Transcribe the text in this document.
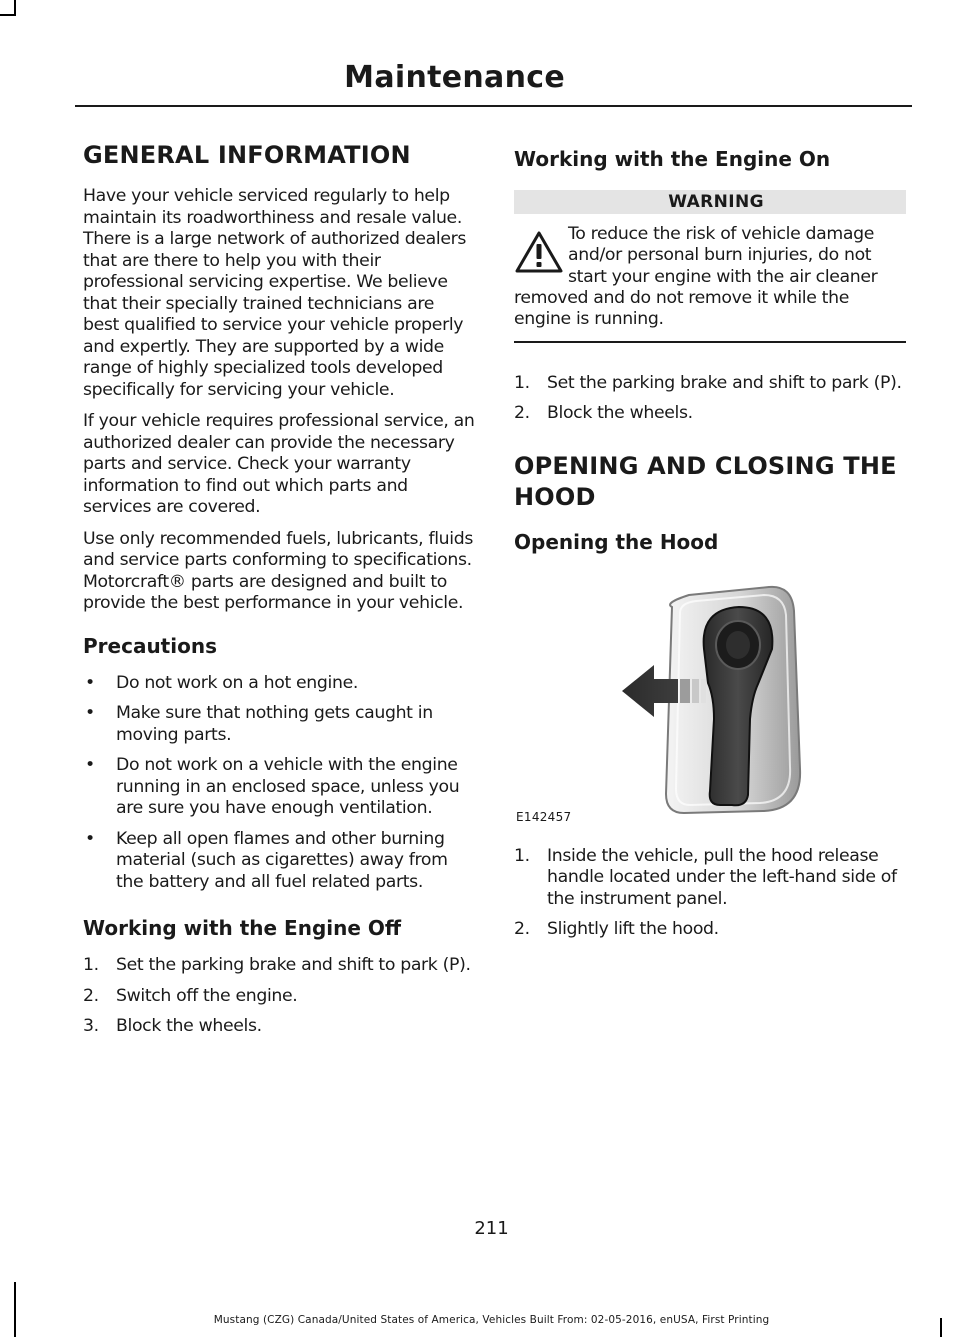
Maintenance
GENERAL INFORMATION

Have your vehicle serviced regularly to help maintain its roadworthiness and resale value. There is a large network of authorized dealers that are there to help you with their professional servicing expertise. We believe that their specially trained technicians are best qualified to service your vehicle properly and expertly. They are supported by a wide range of highly specialized tools developed specifically for servicing your vehicle.

If your vehicle requires professional service, an authorized dealer can provide the necessary parts and service. Check your warranty information to find out which parts and services are covered.

Use only recommended fuels, lubricants, fluids and service parts conforming to specifications. Motorcraft® parts are designed and built to provide the best performance in your vehicle.

Precautions
• Do not work on a hot engine.
• Make sure that nothing gets caught in moving parts.
• Do not work on a vehicle with the engine running in an enclosed space, unless you are sure you have enough ventilation.
• Keep all open flames and other burning material (such as cigarettes) away from the battery and all fuel related parts.
Working with the Engine Off
1. Set the parking brake and shift to park (P).
2. Switch off the engine.
3. Block the wheels.
Working with the Engine On
WARNING
To reduce the risk of vehicle damage and/or personal burn injuries, do not start your engine with the air cleaner
removed and do not remove it while the engine is running.
1. Set the parking brake and shift to park (P).
2. Block the wheels.
OPENING AND CLOSING THE HOOD
Opening the Hood
E142457
1. Inside the vehicle, pull the hood release handle located under the left-hand side of the instrument panel.
2. Slightly lift the hood.
211
Mustang (CZG) Canada/United States of America, Vehicles Built From: 02-05-2016, enUSA, First Printing
